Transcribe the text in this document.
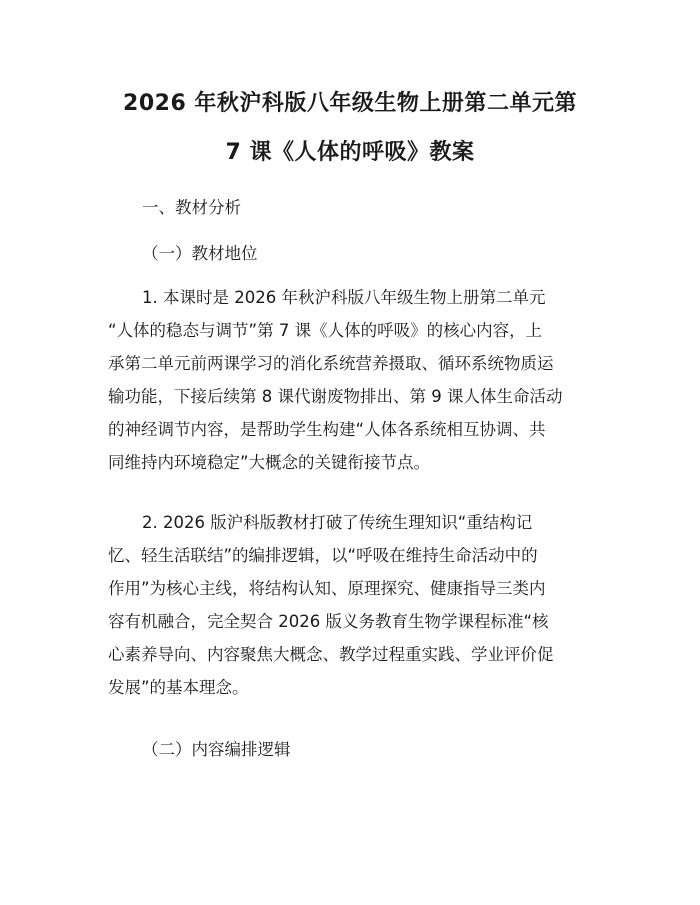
2026 年秋沪科版八年级生物上册第二单元第
7 课《人体的呼吸》教案
一、教材分析
（一）教材地位
1. 本课时是 2026 年秋沪科版八年级生物上册第二单元
“人体的稳态与调节”第 7 课《人体的呼吸》的核心内容，上
承第二单元前两课学习的消化系统营养摄取、循环系统物质运
输功能，下接后续第 8 课代谢废物排出、第 9 课人体生命活动
的神经调节内容，是帮助学生构建“人体各系统相互协调、共
同维持内环境稳定”大概念的关键衔接节点。
2. 2026 版沪科版教材打破了传统生理知识“重结构记
忆、轻生活联结”的编排逻辑，以“呼吸在维持生命活动中的
作用”为核心主线，将结构认知、原理探究、健康指导三类内
容有机融合，完全契合 2026 版义务教育生物学课程标准“核
心素养导向、内容聚焦大概念、教学过程重实践、学业评价促
发展”的基本理念。
（二）内容编排逻辑
